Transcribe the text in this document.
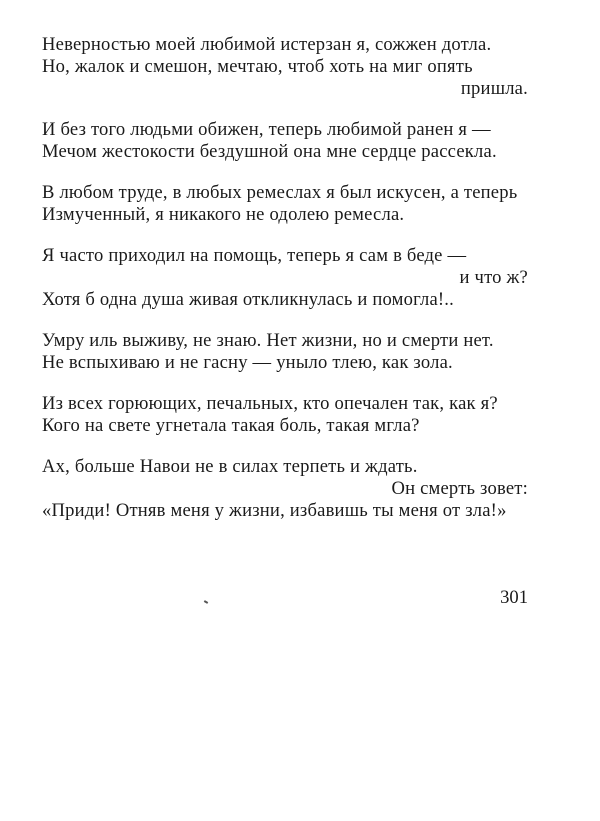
Неверностью моей любимой истерзан я, сожжен дотла.
Но, жалок и смешон, мечтаю, чтоб хоть на миг опять
пришла.
И без того людьми обижен, теперь любимой ранен я —
Мечом жестокости бездушной она мне сердце рассекла.
В любом труде, в любых ремеслах я был искусен, а теперь
Измученный, я никакого не одолею ремесла.
Я часто приходил на помощь, теперь я сам в беде —
и что ж?
Хотя б одна душа живая откликнулась и помогла!..
Умру иль выживу, не знаю. Нет жизни, но и смерти нет.
Не вспыхиваю и не гасну — уныло тлею, как зола.
Из всех горюющих, печальных, кто опечален так, как я?
Кого на свете угнетала такая боль, такая мгла?
Ах, больше Навои не в силах терпеть и ждать.
Он смерть зовет:
«Приди! Отняв меня у жизни, избавишь ты меня от зла!»
301
